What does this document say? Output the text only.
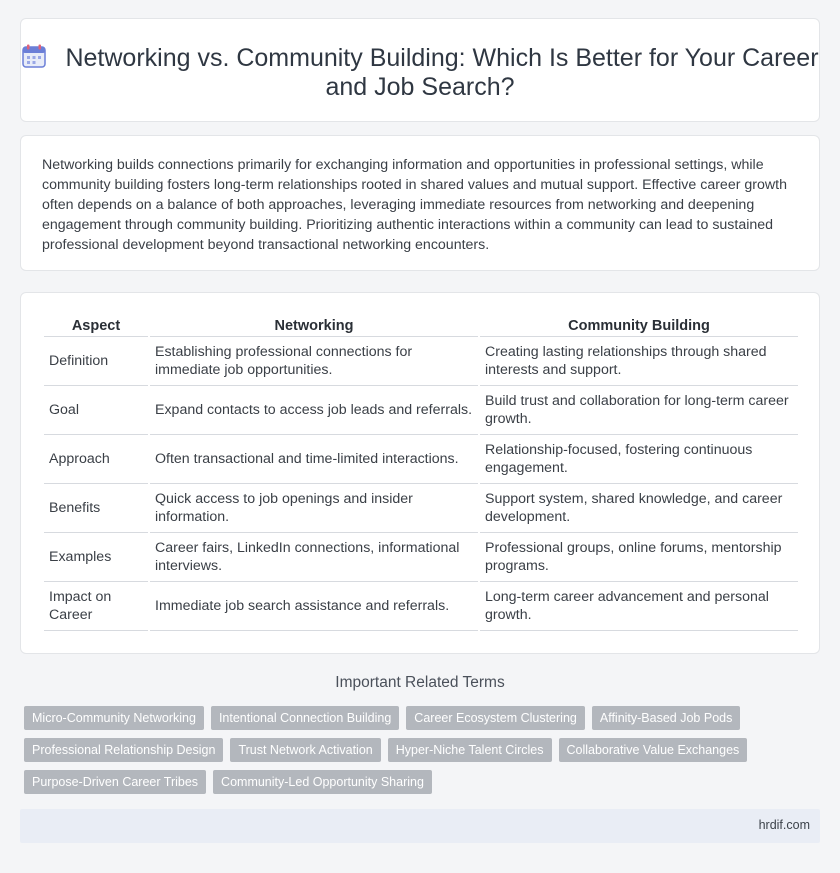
Networking vs. Community Building: Which Is Better for Your Career and Job Search?

Networking builds connections primarily for exchanging information and opportunities in professional settings, while community building fosters long-term relationships rooted in shared values and mutual support. Effective career growth often depends on a balance of both approaches, leveraging immediate resources from networking and deepening engagement through community building. Prioritizing authentic interactions within a community can lead to sustained professional development beyond transactional networking encounters.

Aspect	Networking	Community Building
Definition	Establishing professional connections for immediate job opportunities.	Creating lasting relationships through shared interests and support.
Goal	Expand contacts to access job leads and referrals.	Build trust and collaboration for long-term career growth.
Approach	Often transactional and time-limited interactions.	Relationship-focused, fostering continuous engagement.
Benefits	Quick access to job openings and insider information.	Support system, shared knowledge, and career development.
Examples	Career fairs, LinkedIn connections, informational interviews.	Professional groups, online forums, mentorship programs.
Impact on Career	Immediate job search assistance and referrals.	Long-term career advancement and personal growth.
Important Related Terms
Micro-Community Networking	Intentional Connection Building	Career Ecosystem Clustering	Affinity-Based Job Pods
Professional Relationship Design	Trust Network Activation	Hyper-Niche Talent Circles	Collaborative Value Exchanges
Purpose-Driven Career Tribes	Community-Led Opportunity Sharing
hrdif.com
